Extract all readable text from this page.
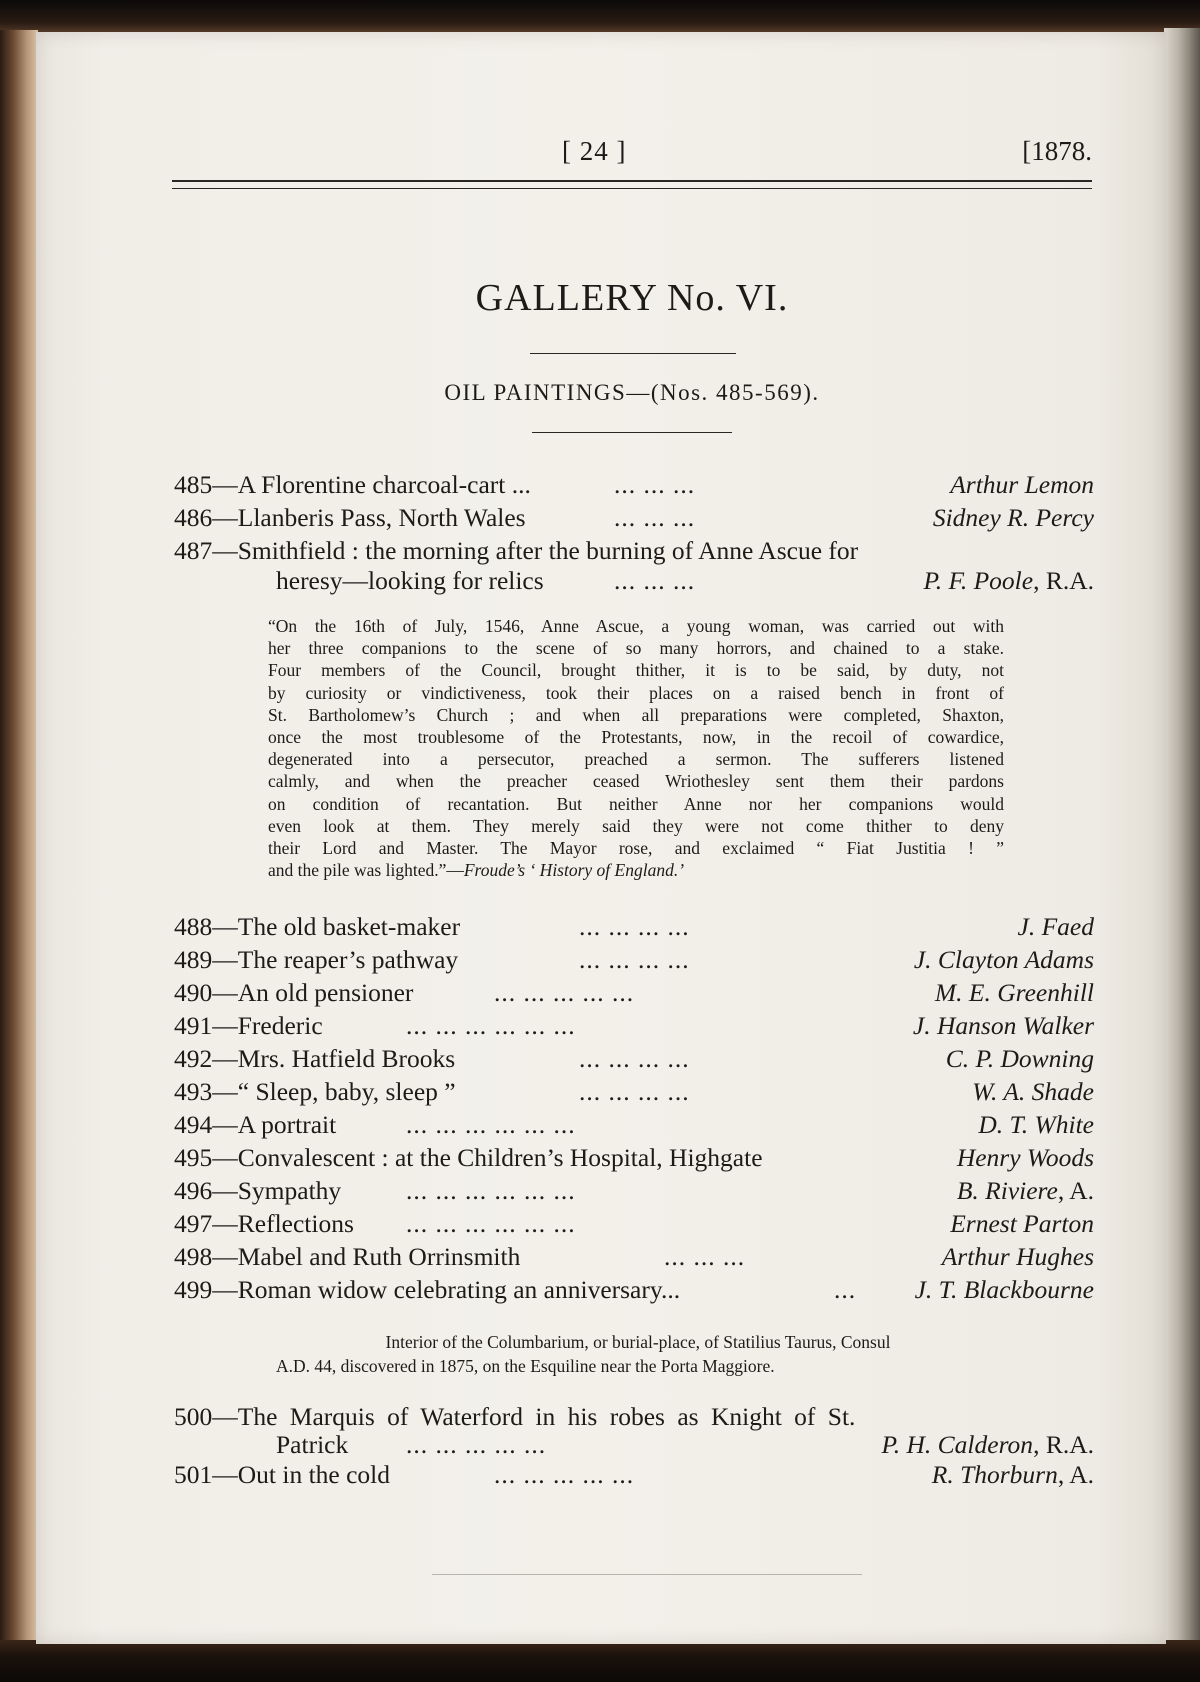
[ 24 ]	[1878.
GALLERY No. VI.
OIL PAINTINGS—(Nos. 485-569).
485—A Florentine charcoal-cart ...	... ... ...	Arthur Lemon
486—Llanberis Pass, North Wales	... ... ...	Sidney R. Percy
487—Smithfield : the morning after the burning of Anne Ascue for
heresy—looking for relics	... ... ...	P. F. Poole, R.A.
“On the 16th of July, 1546, Anne Ascue, a young woman, was carried out with
her three companions to the scene of so many horrors, and chained to a stake.
Four members of the Council, brought thither, it is to be said, by duty, not
by curiosity or vindictiveness, took their places on a raised bench in front of
St. Bartholomew’s Church ; and when all preparations were completed, Shaxton,
once the most troublesome of the Protestants, now, in the recoil of cowardice,
degenerated into a persecutor, preached a sermon. The sufferers listened
calmly, and when the preacher ceased Wriothesley sent them their pardons
on condition of recantation. But neither Anne nor her companions would
even look at them. They merely said they were not come thither to deny
their Lord and Master. The Mayor rose, and exclaimed “ Fiat Justitia ! ”
and the pile was lighted.”—Froude’s ‘ History of England.’
488—The old basket-maker	... ... ... ...	J. Faed
489—The reaper’s pathway	... ... ... ...	J. Clayton Adams
490—An old pensioner	... ... ... ... ...	M. E. Greenhill
491—Frederic	... ... ... ... ... ...	J. Hanson Walker
492—Mrs. Hatfield Brooks	... ... ... ...	C. P. Downing
493—“ Sleep, baby, sleep ”	... ... ... ...	W. A. Shade
494—A portrait	... ... ... ... ... ...	D. T. White
495—Convalescent : at the Children’s Hospital, Highgate	Henry Woods
496—Sympathy	... ... ... ... ... ...	B. Riviere, A.
497—Reflections ... ... ... ... ... ...	Ernest Parton
498—Mabel and Ruth Orrinsmith	... ... ...	Arthur Hughes
499—Roman widow celebrating an anniversary...	... J. T. Blackbourne
Interior of the Columbarium, or burial-place, of Statilius Taurus, Consul
A.D. 44, discovered in 1875, on the Esquiline near the Porta Maggiore.
500—The Marquis of Waterford in his robes as Knight of St.
Patrick ... ... ... ... ...	P. H. Calderon, R.A.
501—Out in the cold	... ... ... ... ...	R. Thorburn, A.
